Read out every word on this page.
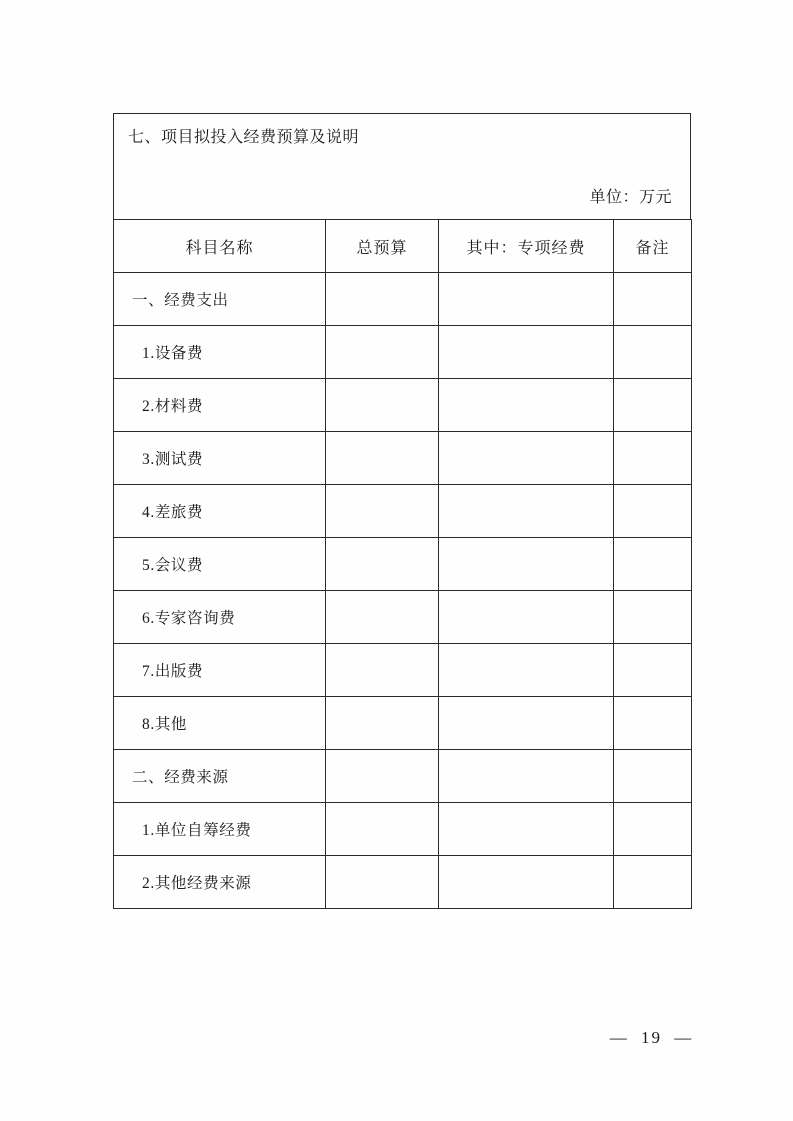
七、项目拟投入经费预算及说明
单位：万元
科目名称	总预算	其中：专项经费	备注
一、经费支出			
1.设备费			
2.材料费			
3.测试费			
4.差旅费			
5.会议费			
6.专家咨询费			
7.出版费			
8.其他			
二、经费来源			
1.单位自筹经费			
2.其他经费来源			
— 19 —
